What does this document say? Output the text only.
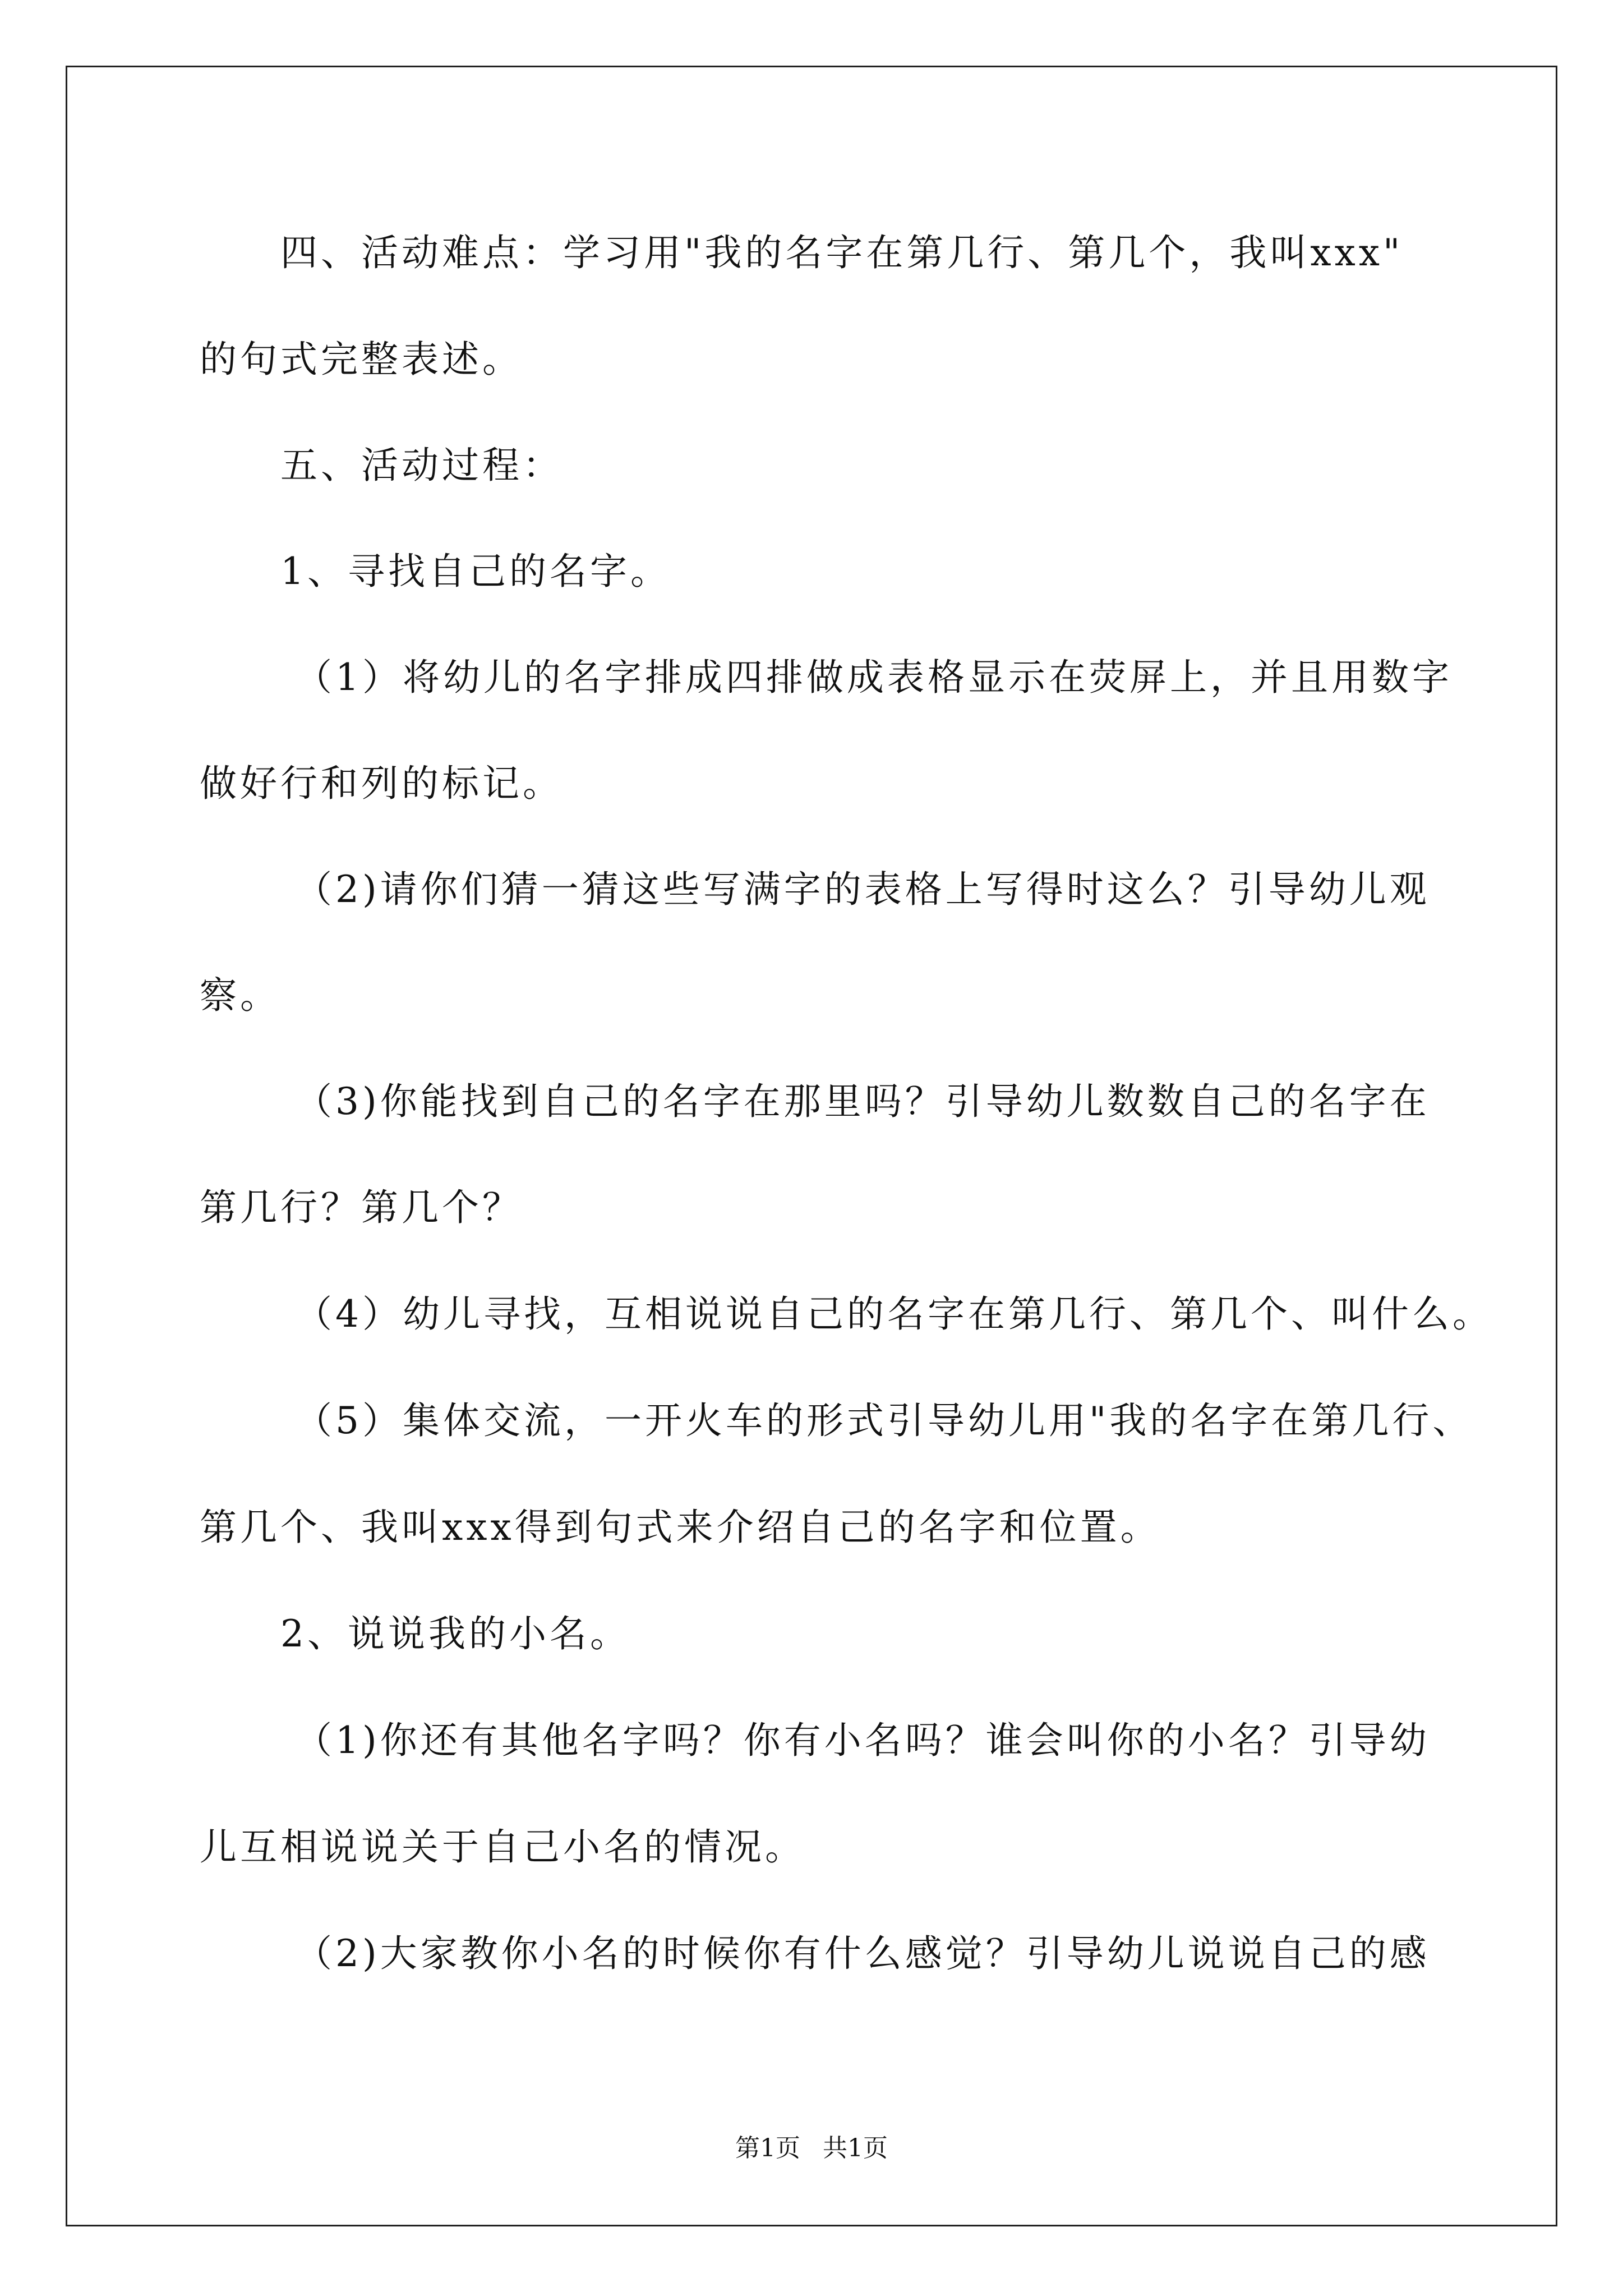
四、活动难点：学习用"我的名字在第几行、第几个，我叫xxx"
的句式完整表述。
五、活动过程：
1、寻找自己的名字。
（1）将幼儿的名字排成四排做成表格显示在荧屏上，并且用数字
做好行和列的标记。
（2)请你们猜一猜这些写满字的表格上写得时这么？引导幼儿观
察。
（3)你能找到自己的名字在那里吗？引导幼儿数数自己的名字在
第几行？第几个？
（4）幼儿寻找，互相说说自己的名字在第几行、第几个、叫什么。
（5）集体交流，一开火车的形式引导幼儿用"我的名字在第几行、
第几个、我叫xxx得到句式来介绍自己的名字和位置。
2、说说我的小名。
（1)你还有其他名字吗？你有小名吗？谁会叫你的小名？引导幼
儿互相说说关于自己小名的情况。
（2)大家教你小名的时候你有什么感觉？引导幼儿说说自己的感
第1页 共1页
